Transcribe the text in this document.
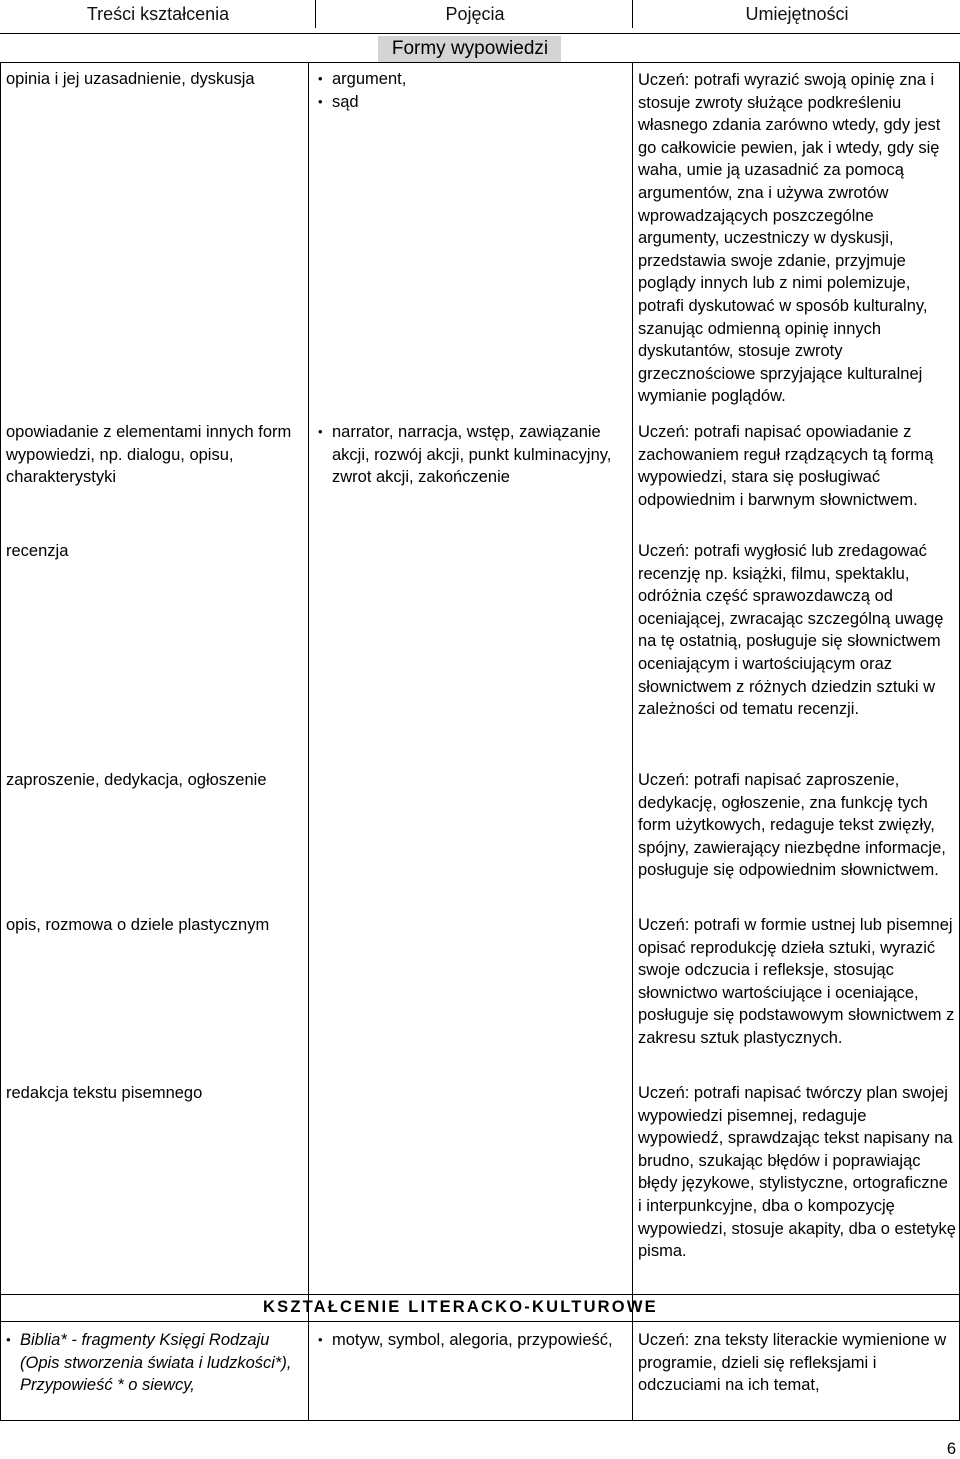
Treści kształcenia	Pojęcia	Umiejętności
Formy wypowiedzi
opinia i jej uzasadnienie, dyskusja
•	argument,
• sąd
Uczeń: potrafi wyrazić swoją opinię zna i stosuje zwroty służące podkreśleniu własnego zdania zarówno wtedy, gdy jest go całkowicie pewien, jak i wtedy, gdy się waha, umie ją uzasadnić za pomocą argumentów, zna i używa zwrotów wprowadzających poszczególne argumenty, uczestniczy w dyskusji, przedstawia swoje zdanie, przyjmuje poglądy innych lub z nimi polemizuje, potrafi dyskutować w sposób kulturalny, szanując odmienną opinię innych dyskutantów, stosuje zwroty grzecznościowe sprzyjające kulturalnej wymianie poglądów.
opowiadanie z elementami innych form wypowiedzi, np. dialogu, opisu, charakterystyki
• narrator, narracja, wstęp, zawiązanie akcji, rozwój akcji, punkt kulminacyjny, zwrot akcji, zakończenie
Uczeń: potrafi napisać opowiadanie z zachowaniem reguł rządzących tą formą wypowiedzi, stara się posługiwać odpowiednim i barwnym słownictwem.
recenzja	Uczeń: potrafi wygłosić lub zredagować recenzję np. książki, filmu, spektaklu, odróżnia część sprawozdawczą od oceniającej, zwracając szczególną uwagę na tę ostatnią, posługuje się słownictwem oceniającym i wartościującym oraz słownictwem z różnych dziedzin sztuki w zależności od tematu recenzji.
zaproszenie, dedykacja, ogłoszenie	Uczeń: potrafi napisać zaproszenie, dedykację, ogłoszenie, zna funkcję tych form użytkowych, redaguje tekst zwięzły, spójny, zawierający niezbędne informacje, posługuje się odpowiednim słownictwem.
opis, rozmowa o dziele plastycznym	Uczeń: potrafi w formie ustnej lub pisemnej opisać reprodukcję dzieła sztuki, wyrazić swoje odczucia i refleksje, stosując słownictwo wartościujące i oceniające, posługuje się podstawowym słownictwem z zakresu sztuk plastycznych.
redakcja tekstu pisemnego	Uczeń: potrafi napisać twórczy plan swojej wypowiedzi pisemnej, redaguje wypowiedź, sprawdzając tekst napisany na brudno, szukając błędów i poprawiając błędy językowe, stylistyczne, ortograficzne i interpunkcyjne, dba o kompozycję wypowiedzi, stosuje akapity, dba o estetykę pisma.
KSZTAŁCENIE LITERACKO-KULTUROWE
• Biblia* - fragmenty Księgi Rodzaju (Opis stworzenia świata i ludzkości*), Przypowieść * o siewcy,
• motyw, symbol, alegoria, przypowieść,	Uczeń: zna teksty literackie wymienione w programie, dzieli się refleksjami i odczuciami na ich temat,
6
